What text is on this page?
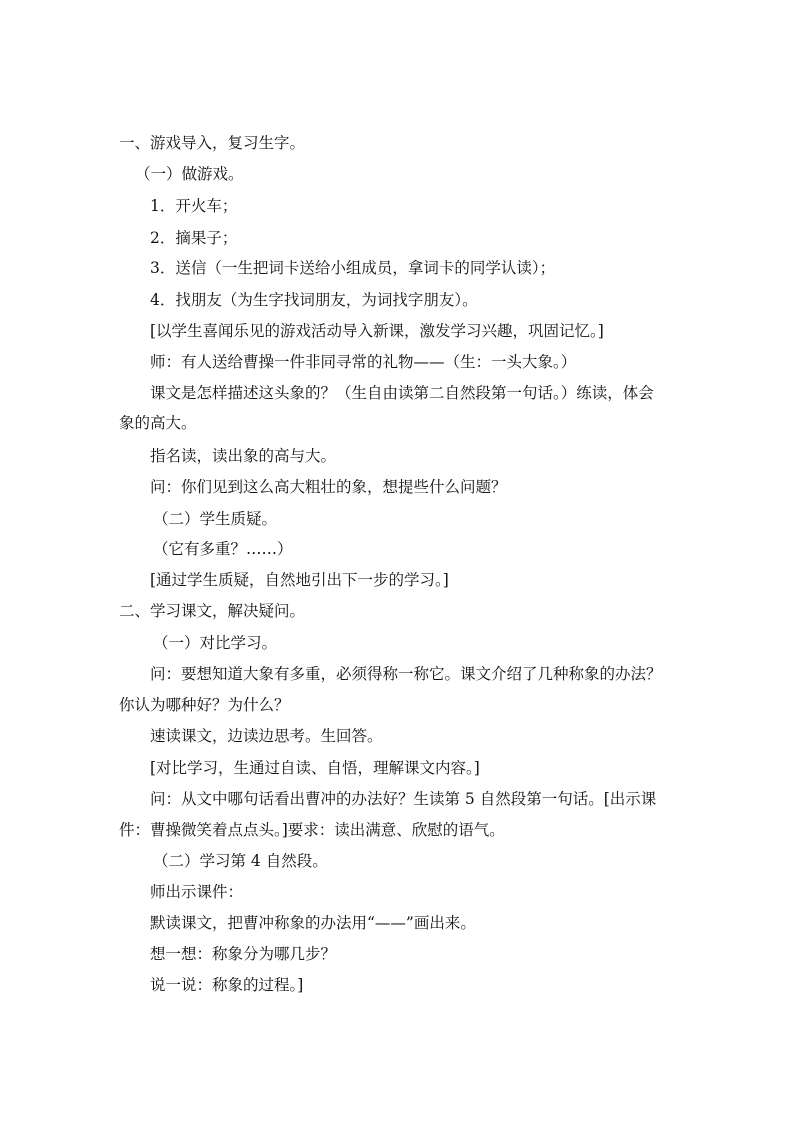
一、游戏导入，复习生字。
（一）做游戏。
1．开火车；
2．摘果子；
3．送信（一生把词卡送给小组成员，拿词卡的同学认读）；
4．找朋友（为生字找词朋友，为词找字朋友）。
[以学生喜闻乐见的游戏活动导入新课，激发学习兴趣，巩固记忆。]
师：有人送给曹操一件非同寻常的礼物——（生：一头大象。）
课文是怎样描述这头象的？（生自由读第二自然段第一句话。）练读，体会
象的高大。
指名读，读出象的高与大。
问：你们见到这么高大粗壮的象，想提些什么问题？
（二）学生质疑。
（它有多重？……）
[通过学生质疑，自然地引出下一步的学习。]
二、学习课文，解决疑问。
（一）对比学习。
问：要想知道大象有多重，必须得称一称它。课文介绍了几种称象的办法？
你认为哪种好？为什么？
速读课文，边读边思考。生回答。
[对比学习，生通过自读、自悟，理解课文内容。]
问：从文中哪句话看出曹冲的办法好？生读第 5 自然段第一句话。[出示课
件：曹操微笑着点点头。]要求：读出满意、欣慰的语气。
（二）学习第 4 自然段。
师出示课件：
默读课文，把曹冲称象的办法用“——”画出来。
想一想：称象分为哪几步？
说一说：称象的过程。]
